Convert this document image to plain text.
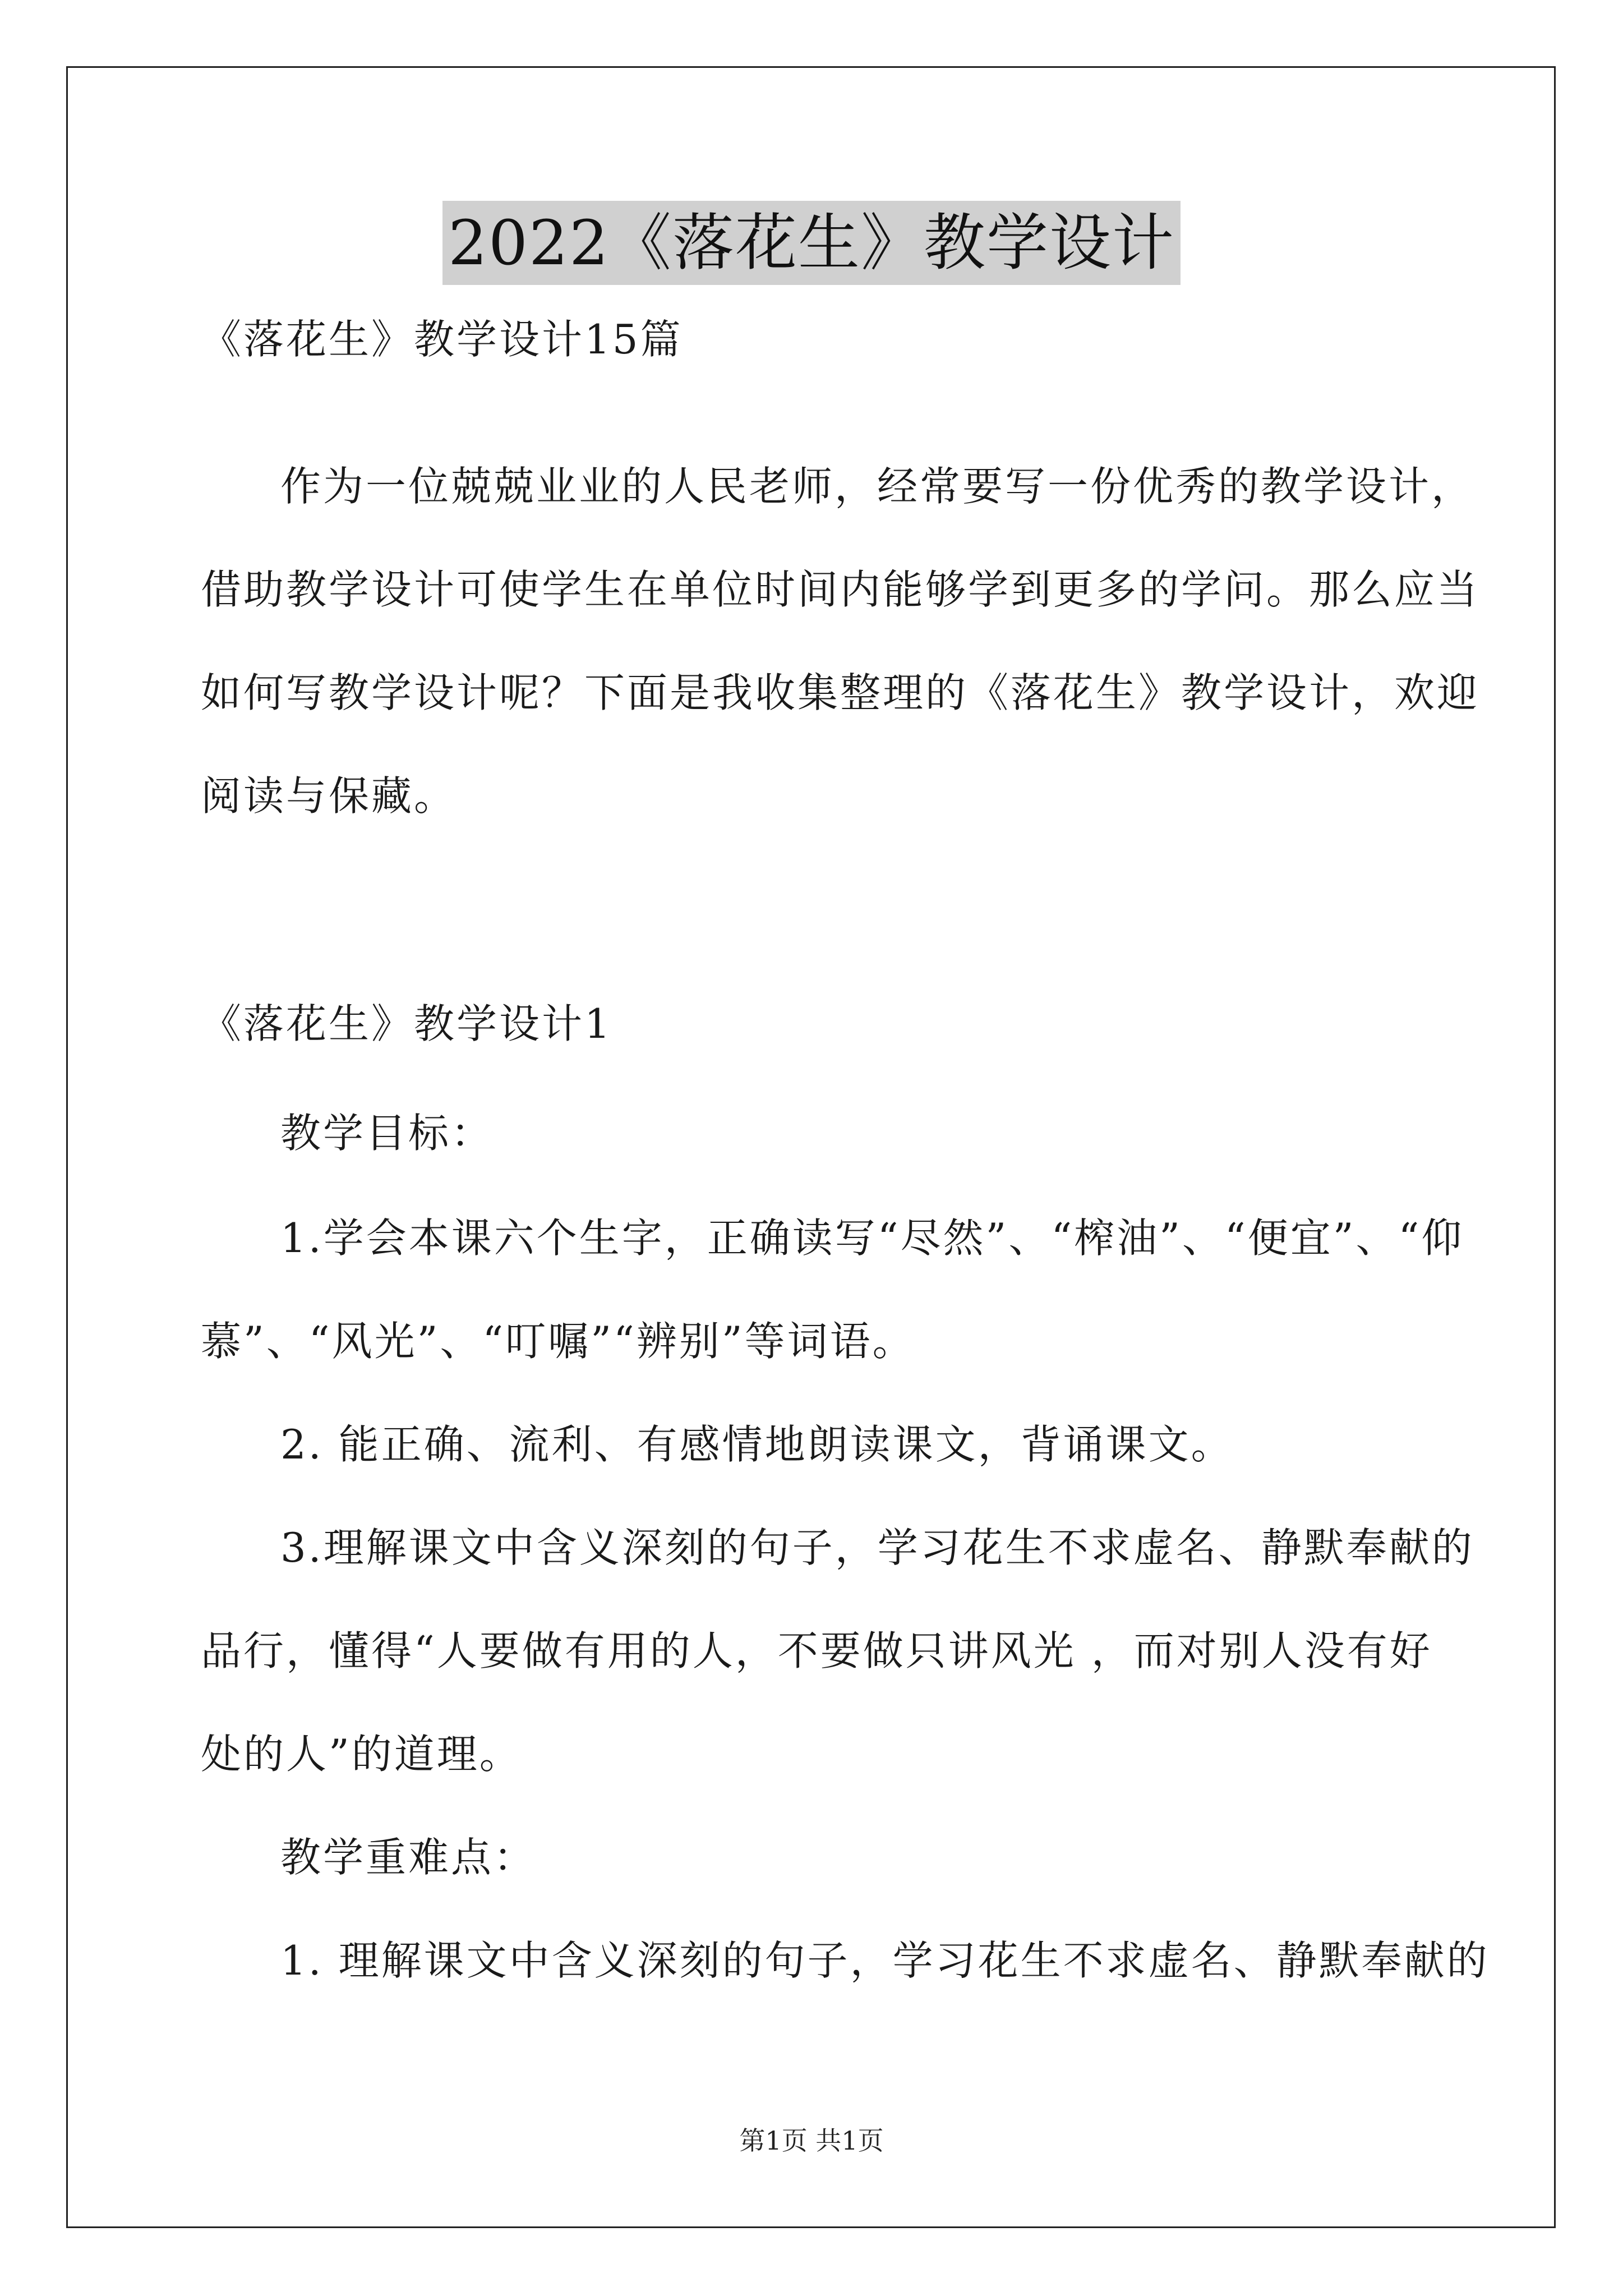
2022《落花生》教学设计
《落花生》教学设计15篇
作为一位兢兢业业的人民老师，经常要写一份优秀的教学设计，
借助教学设计可使学生在单位时间内能够学到更多的学问。那么应当
如何写教学设计呢？下面是我收集整理的《落花生》教学设计，欢迎
阅读与保藏。
《落花生》教学设计1
教学目标：
1.学会本课六个生字，正确读写“尽然”、“榨油”、“便宜”、“仰
慕”、“风光”、“叮嘱”“辨别”等词语。
2. 能正确、流利、有感情地朗读课文，背诵课文。
3.理解课文中含义深刻的句子，学习花生不求虚名、静默奉献的
品行，懂得“人要做有用的人，不要做只讲风光 ，而对别人没有好
处的人”的道理。
教学重难点：
1. 理解课文中含义深刻的句子，学习花生不求虚名、静默奉献的
第1页 共1页
